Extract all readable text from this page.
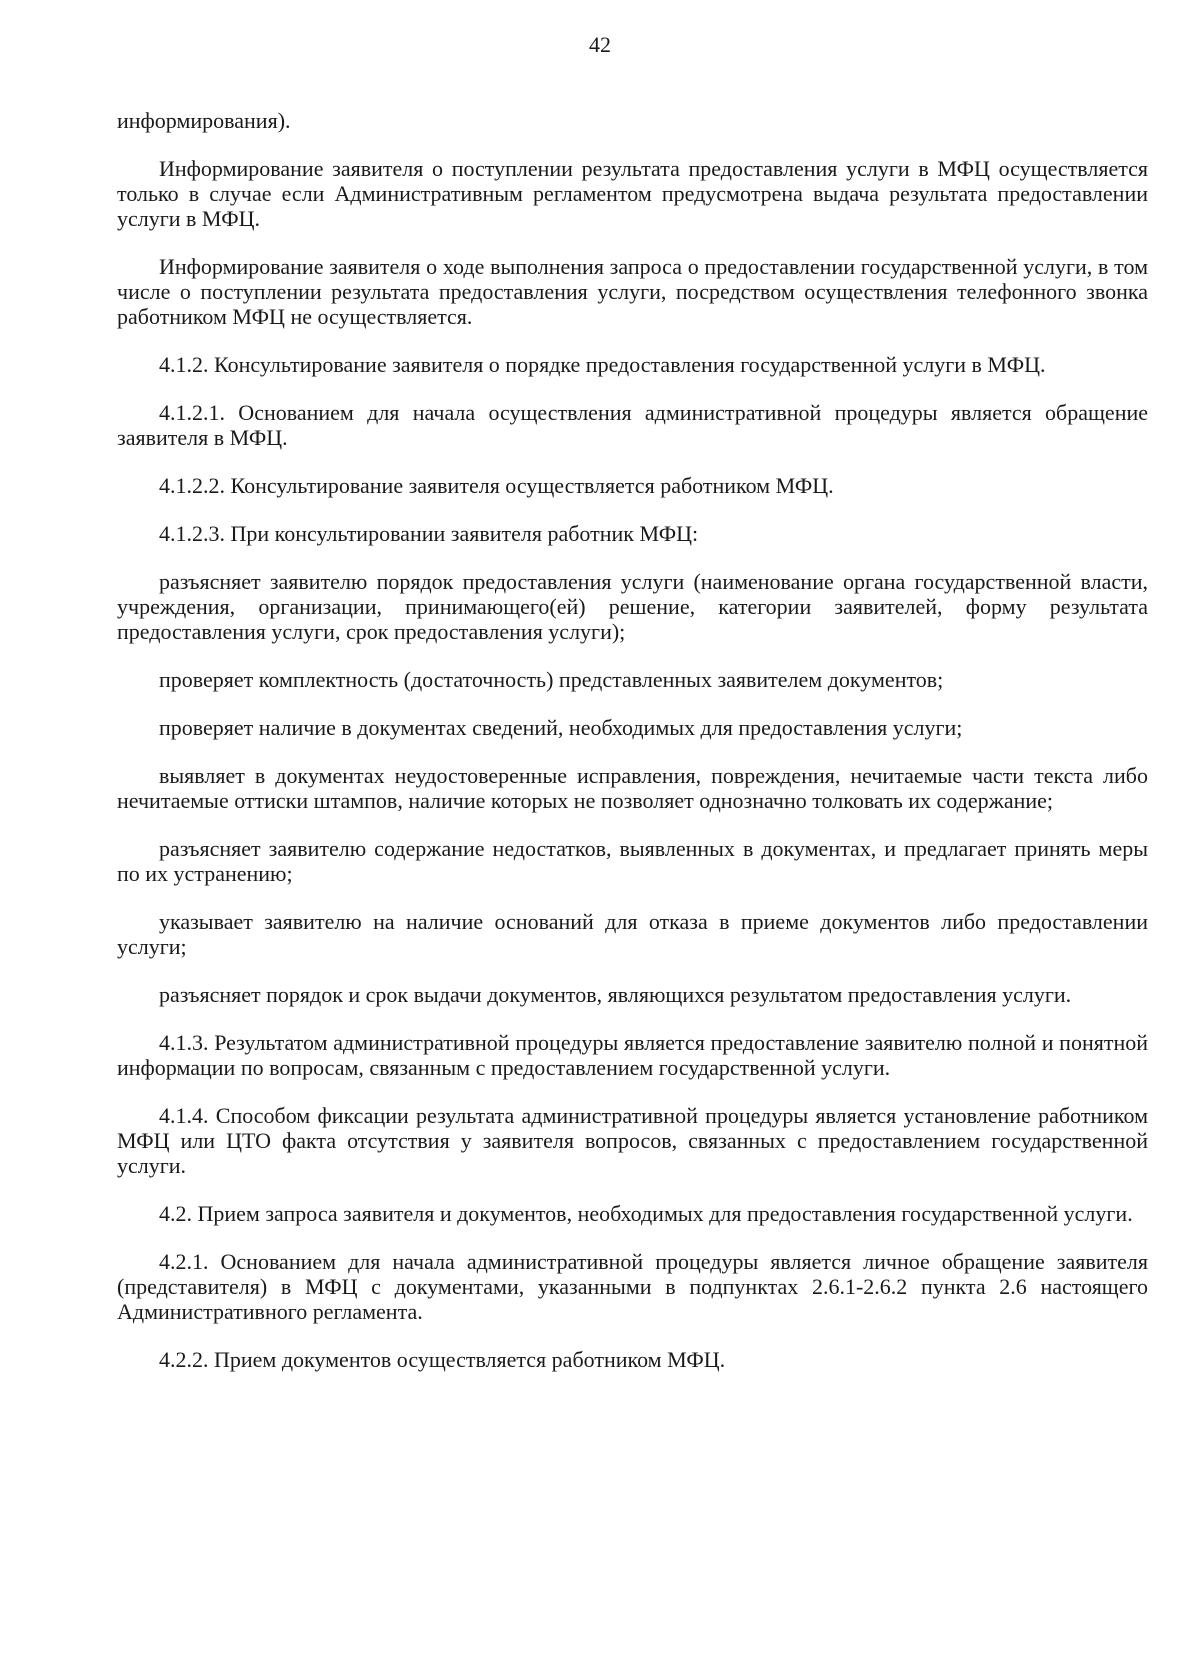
42

информирования).

Информирование заявителя о поступлении результата предоставления услуги в МФЦ осуществляется только в случае если Административным регламентом предусмотрена выдача результата предоставлении услуги в МФЦ.

Информирование заявителя о ходе выполнения запроса о предоставлении государственной услуги, в том числе о поступлении результата предоставления услуги, посредством осуществления телефонного звонка работником МФЦ не осуществляется.

4.1.2. Консультирование заявителя о порядке предоставления государственной услуги в МФЦ.

4.1.2.1. Основанием для начала осуществления административной процедуры является обращение заявителя в МФЦ.

4.1.2.2. Консультирование заявителя осуществляется работником МФЦ.

4.1.2.3. При консультировании заявителя работник МФЦ:

разъясняет заявителю порядок предоставления услуги (наименование органа государственной власти, учреждения, организации, принимающего(ей) решение, категории заявителей, форму результата предоставления услуги, срок предоставления услуги);

проверяет комплектность (достаточность) представленных заявителем документов;

проверяет наличие в документах сведений, необходимых для предоставления услуги;

выявляет в документах неудостоверенные исправления, повреждения, нечитаемые части текста либо нечитаемые оттиски штампов, наличие которых не позволяет однозначно толковать их содержание;

разъясняет заявителю содержание недостатков, выявленных в документах, и предлагает принять меры по их устранению;

указывает заявителю на наличие оснований для отказа в приеме документов либо предоставлении услуги;

разъясняет порядок и срок выдачи документов, являющихся результатом предоставления услуги.

4.1.3. Результатом административной процедуры является предоставление заявителю полной и понятной информации по вопросам, связанным с предоставлением государственной услуги.

4.1.4. Способом фиксации результата административной процедуры является установление работником МФЦ или ЦТО факта отсутствия у заявителя вопросов, связанных с предоставлением государственной услуги.

4.2. Прием запроса заявителя и документов, необходимых для предоставления государственной услуги.

4.2.1. Основанием для начала административной процедуры является личное обращение заявителя (представителя) в МФЦ с документами, указанными в подпунктах 2.6.1-2.6.2 пункта 2.6 настоящего Административного регламента.

4.2.2. Прием документов осуществляется работником МФЦ.
